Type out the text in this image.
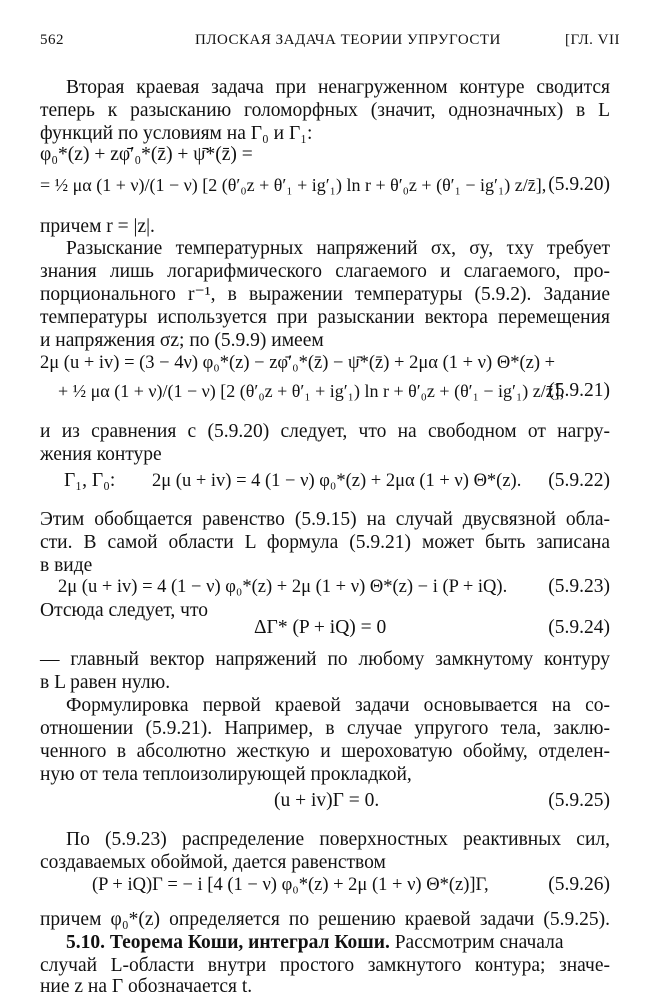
562	ПЛОСКАЯ ЗАДАЧА ТЕОРИИ УПРУГОСТИ	[ГЛ. VII
Вторая краевая задача при ненагруженном контуре сводится
теперь к разысканию голоморфных (значит, однозначных) в L
функций по условиям на Γ₀ и Γ₁:
φ₀*(z) + zφ̄′₀*(z̄) + ψ̄*(z̄) =
= ½ μα (1 + ν)/(1 − ν) [2 (θ′₀z + θ′₁ + ig′₁) ln r + θ′₀z + (θ′₁ − ig′₁) z/z̄], (5.9.20)
причем r = |z|.
Разыскание температурных напряжений σx, σy, τxy требует
знания лишь логарифмического слагаемого и слагаемого, про-
порционального r⁻¹, в выражении температуры (5.9.2). Задание
температуры используется при разыскании вектора перемещения
и напряжения σz; по (5.9.9) имеем
2μ (u + iv) = (3 − 4ν) φ₀*(z) − zφ̄′₀*(z̄) − ψ̄*(z̄) + 2μα (1 + ν) Θ*(z) +
+ ½ μα (1 + ν)/(1 − ν) [2 (θ′₀z + θ′₁ + ig′₁) ln r + θ′₀z + (θ′₁ − ig′₁) z/z̄],
(5.9.21)
и из сравнения с (5.9.20) следует, что на свободном от нагру-
жения контуре
Γ₁, Γ₀: 2μ (u + iv) = 4 (1 − ν) φ₀*(z) + 2μα (1 + ν) Θ*(z). (5.9.22)
Этим обобщается равенство (5.9.15) на случай двусвязной обла-
сти. В самой области L формула (5.9.21) может быть записана
в виде
2μ (u + iv) = 4 (1 − ν) φ₀*(z) + 2μ (1 + ν) Θ*(z) − i (P + iQ). (5.9.23)
Отсюда следует, что
ΔΓ* (P + iQ) = 0	(5.9.24)
— главный вектор напряжений по любому замкнутому контуру
в L равен нулю.
Формулировка первой краевой задачи основывается на со-
отношении (5.9.21). Например, в случае упругого тела, заклю-
ченного в абсолютно жесткую и шероховатую обойму, отделен-
ную от тела теплоизолирующей прокладкой,
(u + iv)Γ = 0.	(5.9.25)
По (5.9.23) распределение поверхностных реактивных сил,
создаваемых обоймой, дается равенством
(P + iQ)Γ = − i [4 (1 − ν) φ₀*(z) + 2μ (1 + ν) Θ*(z)]Γ,	(5.9.26)
причем φ₀*(z) определяется по решению краевой задачи (5.9.25).
5.10. Теорема Коши, интеграл Коши. Рассмотрим сначала
случай L-области внутри простого замкнутого контура; значе-
ние z на Γ обозначается t.
